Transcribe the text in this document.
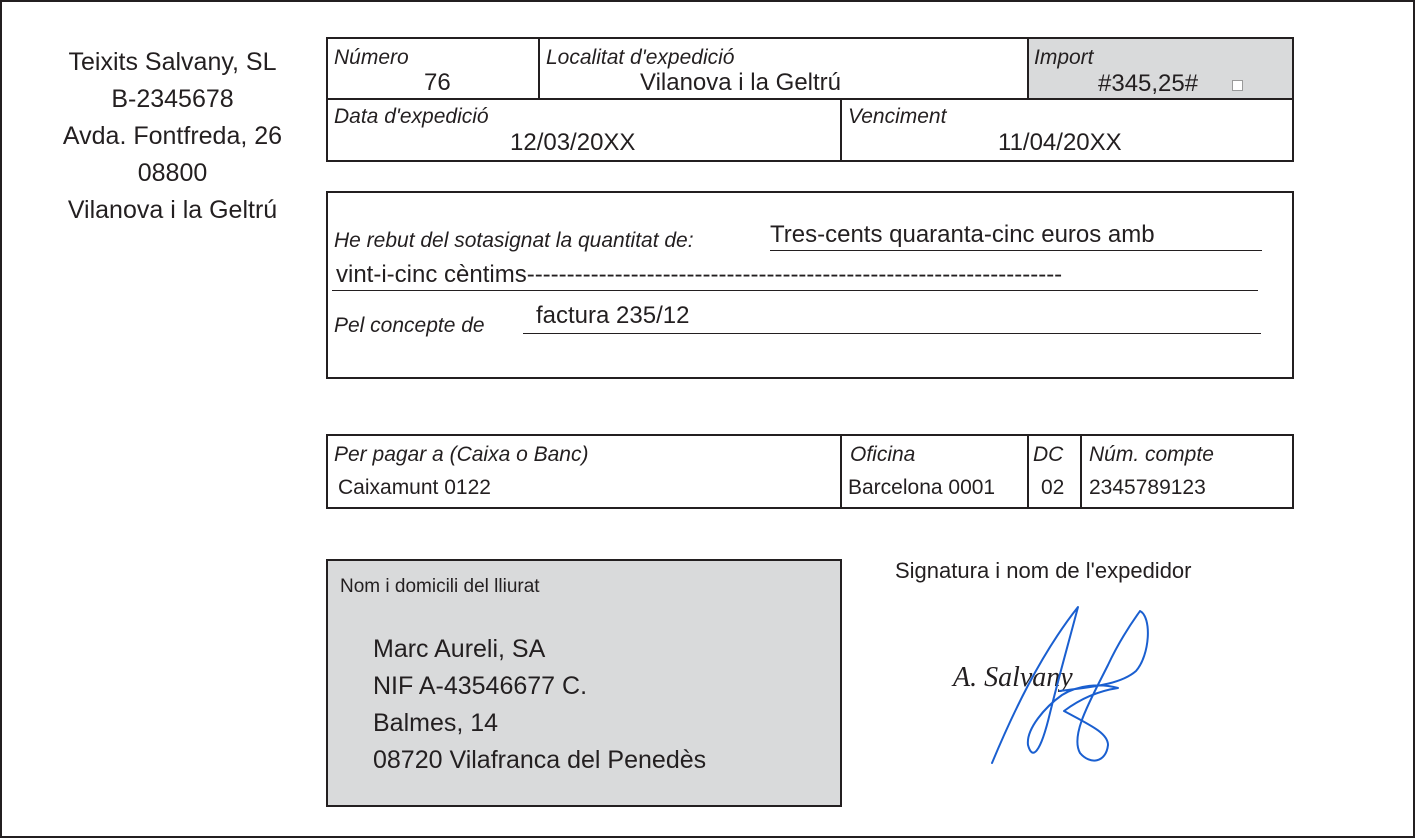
Teixits Salvany, SL
B-2345678
Avda. Fontfreda, 26
08800
Vilanova i la Geltrú
Número
76
Localitat d'expedició
Vilanova i la Geltrú
Import
#345,25#
Data d'expedició
12/03/20XX
Venciment
11/04/20XX
He rebut del sotasignat la quantitat de:	Tres-cents quaranta-cinc euros amb
vint-i-cinc cèntims-------------------------------------------------------------------
Pel concepte de factura 235/12
Per pagar a (Caixa o Banc)
Caixamunt 0122
Oficina
Barcelona 0001
DC
02
Núm. compte
2345789123
Nom i domicili del lliurat
Marc Aureli, SA
NIF A-43546677 C.
Balmes, 14
08720 Vilafranca del Penedès
Signatura i nom de l'expedidor
A. Salvany
